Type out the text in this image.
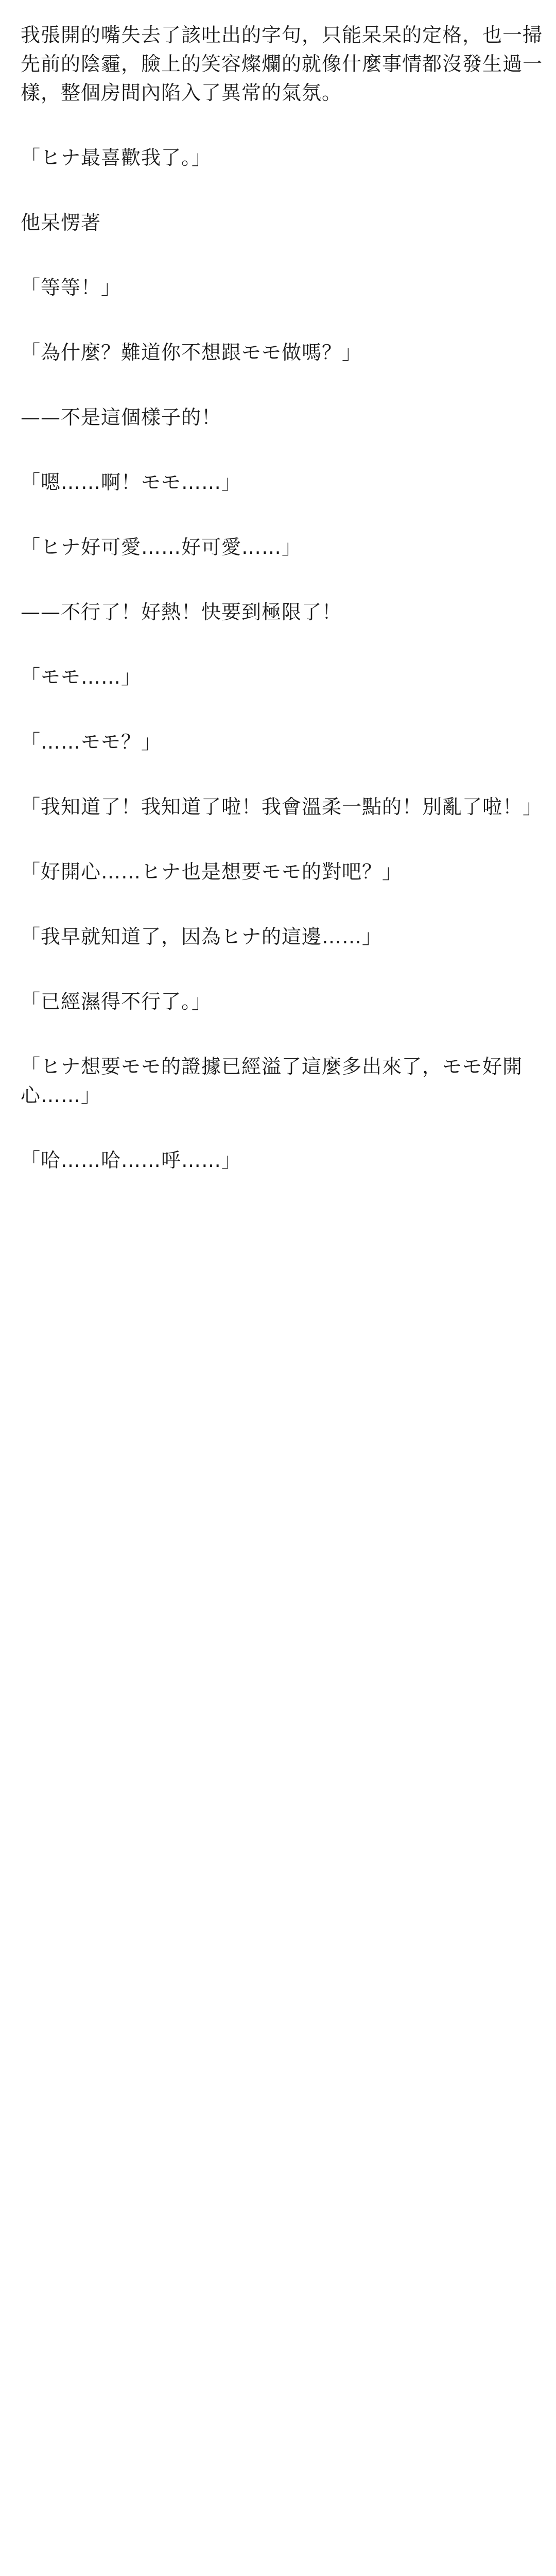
我張開的嘴失去了該吐出的字句，只能呆呆的定格，也一掃先前的陰霾，臉上的笑容燦爛的就像什麼事情都沒發生過一樣，整個房間內陷入了異常的氣氛。

「ヒナ最喜歡我了。」

他呆愣著

「等等！」

「為什麼？難道你不想跟モモ做嗎？」

——不是這個樣子的！

「嗯……啊！モモ……」

「ヒナ好可愛……好可愛……」

——不行了！好熱！快要到極限了！

「モモ……」

「……モモ？」

「我知道了！我知道了啦！我會溫柔一點的！別亂了啦！」

「好開心……ヒナ也是想要モモ的對吧？」

「我早就知道了，因為ヒナ的這邊……」

「已經濕得不行了。」

「ヒナ想要モモ的證據已經溢了這麼多出來了，モモ好開心……」

「哈……哈……呼……」
